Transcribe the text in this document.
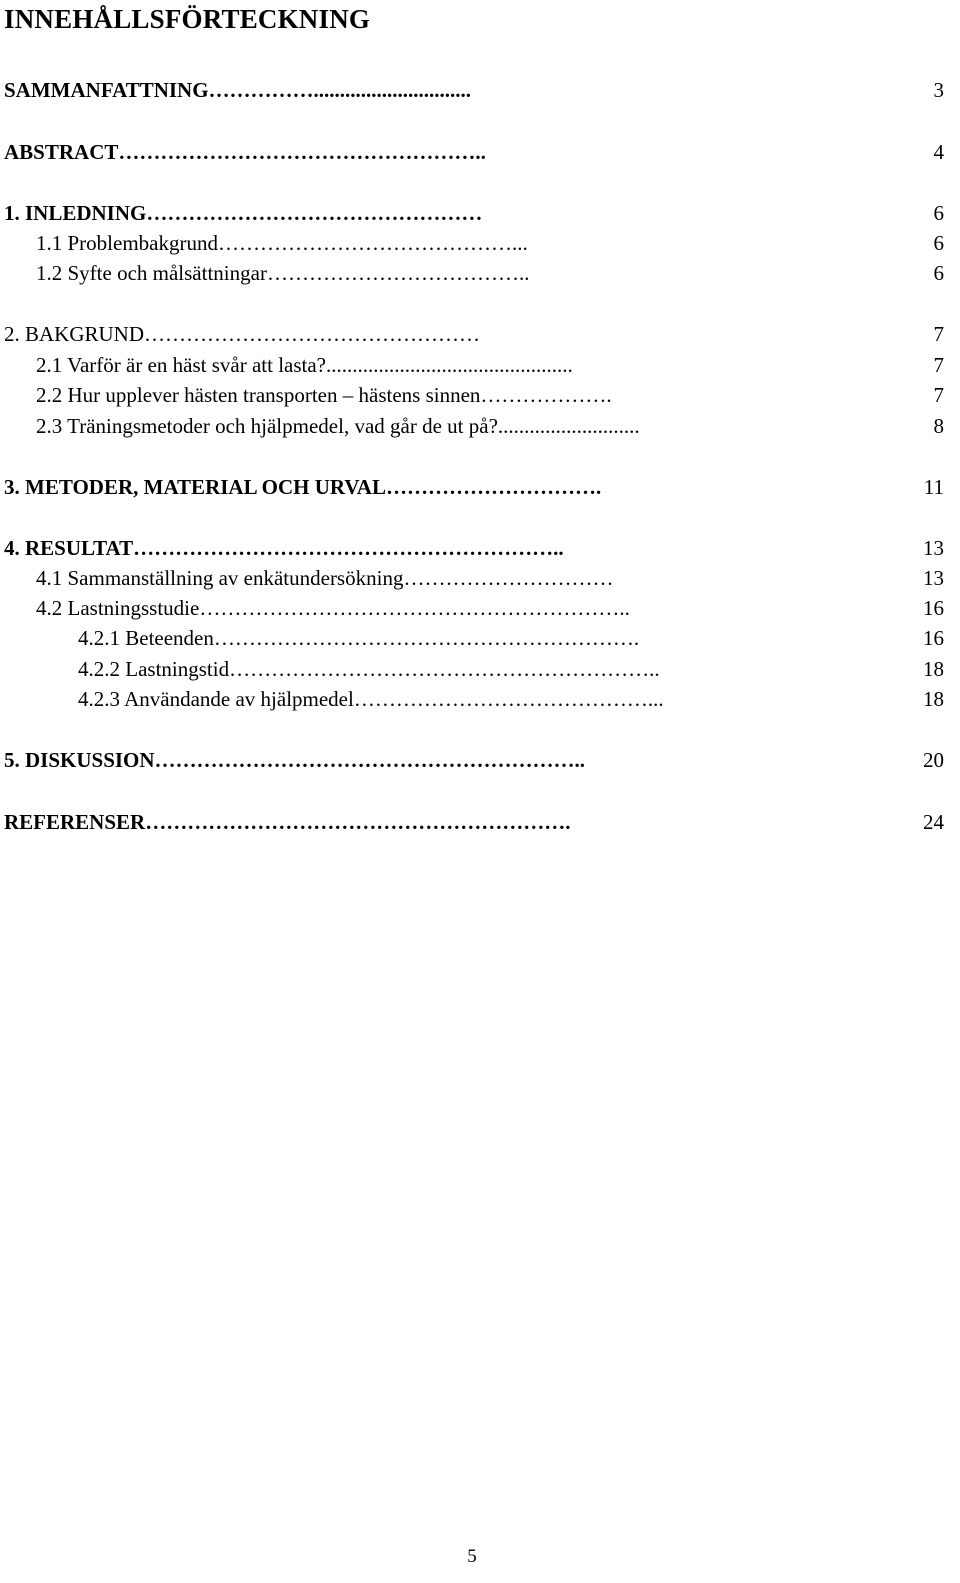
INNEHÅLLSFÖRTECKNING
SAMMANFATTNING……………..............................	3
ABSTRACT……………………………………………..	4
1. INLEDNING…………………………………………	6
1.1 Problembakgrund……………………………………...	6
1.2 Syfte och målsättningar………………………………..	6
2. BAKGRUND…………………………………………	7
2.1 Varför är en häst svår att lasta?...............................................	7
2.2 Hur upplever hästen transporten – hästens sinnen……………….	7
2.3 Träningsmetoder och hjälpmedel, vad går de ut på?...........................	8
3. METODER, MATERIAL OCH URVAL………………………….	11
4. RESULTAT……………………………………………………..	13
4.1 Sammanställning av enkätundersökning…………………………	13
4.2 Lastningsstudie……………………………………………………..	16
4.2.1 Beteenden…………………………………………………….	16
4.2.2 Lastningstid……………………………………………………..	18
4.2.3 Användande av hjälpmedel……………………………………...	18
5. DISKUSSION……………………………………………………..	20
REFERENSER…………………………………………………….	24
5
